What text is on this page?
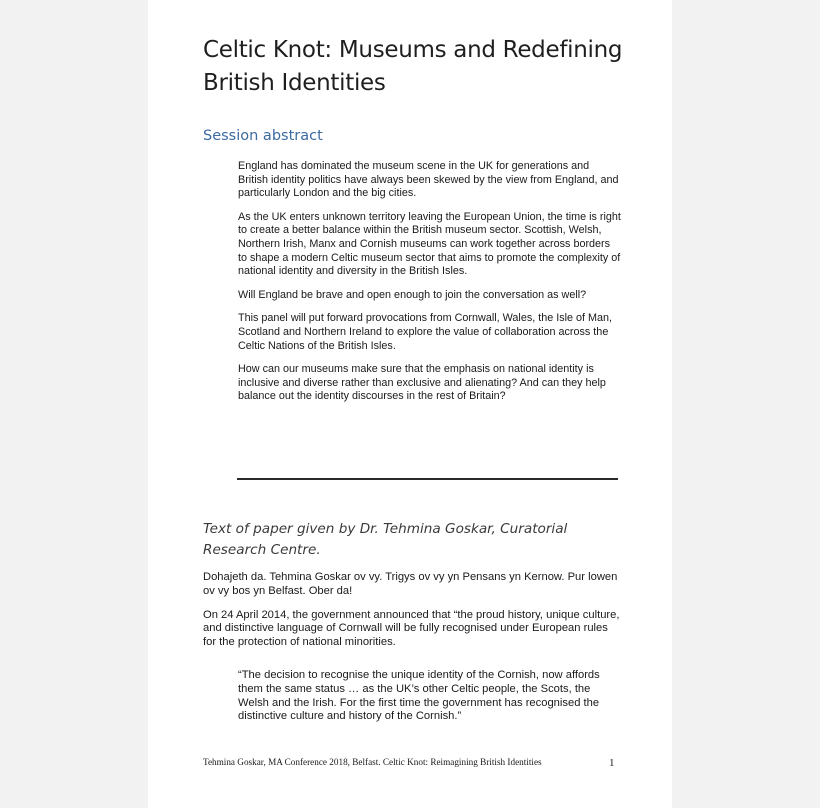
Celtic Knot: Museums and Redefining British Identities
Session abstract

England has dominated the museum scene in the UK for generations and British identity politics have always been skewed by the view from England, and particularly London and the big cities.

As the UK enters unknown territory leaving the European Union, the time is right to create a better balance within the British museum sector. Scottish, Welsh, Northern Irish, Manx and Cornish museums can work together across borders to shape a modern Celtic museum sector that aims to promote the complexity of national identity and diversity in the British Isles.

Will England be brave and open enough to join the conversation as well?

This panel will put forward provocations from Cornwall, Wales, the Isle of Man, Scotland and Northern Ireland to explore the value of collaboration across the Celtic Nations of the British Isles.

How can our museums make sure that the emphasis on national identity is inclusive and diverse rather than exclusive and alienating? And can they help balance out the identity discourses in the rest of Britain?

Text of paper given by Dr. Tehmina Goskar, Curatorial Research Centre.

Dohajeth da. Tehmina Goskar ov vy. Trigys ov vy yn Pensans yn Kernow. Pur lowen ov vy bos yn Belfast. Ober da!

On 24 April 2014, the government announced that “the proud history, unique culture, and distinctive language of Cornwall will be fully recognised under European rules for the protection of national minorities.

“The decision to recognise the unique identity of the Cornish, now affords them the same status … as the UK’s other Celtic people, the Scots, the Welsh and the Irish. For the first time the government has recognised the distinctive culture and history of the Cornish.”
Tehmina Goskar, MA Conference 2018, Belfast. Celtic Knot: Reimagining British Identities	1
